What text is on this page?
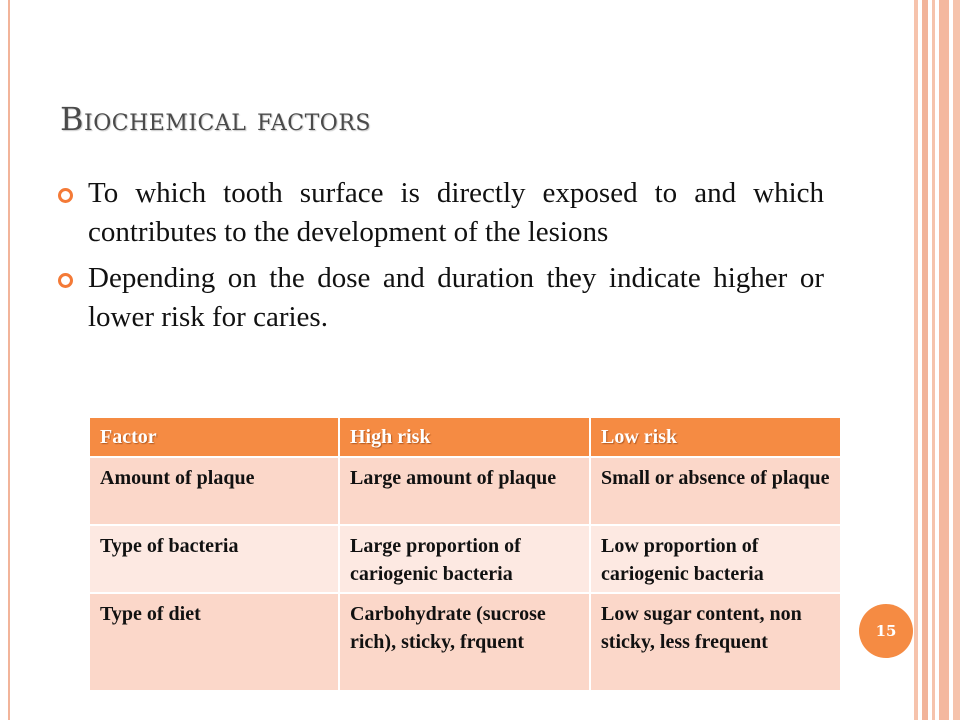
Biochemical factors
To which tooth surface is directly exposed to and which contributes to the development of the lesions
Depending on the dose and duration they indicate higher or lower risk for caries.
Factor	High risk	Low risk
Amount of plaque	Large amount of plaque	Small or absence of plaque
Type of bacteria	Large proportion of cariogenic bacteria	Low proportion of cariogenic bacteria
Type of diet	Carbohydrate (sucrose rich), sticky, frquent	Low sugar content, non sticky, less frequent	15
